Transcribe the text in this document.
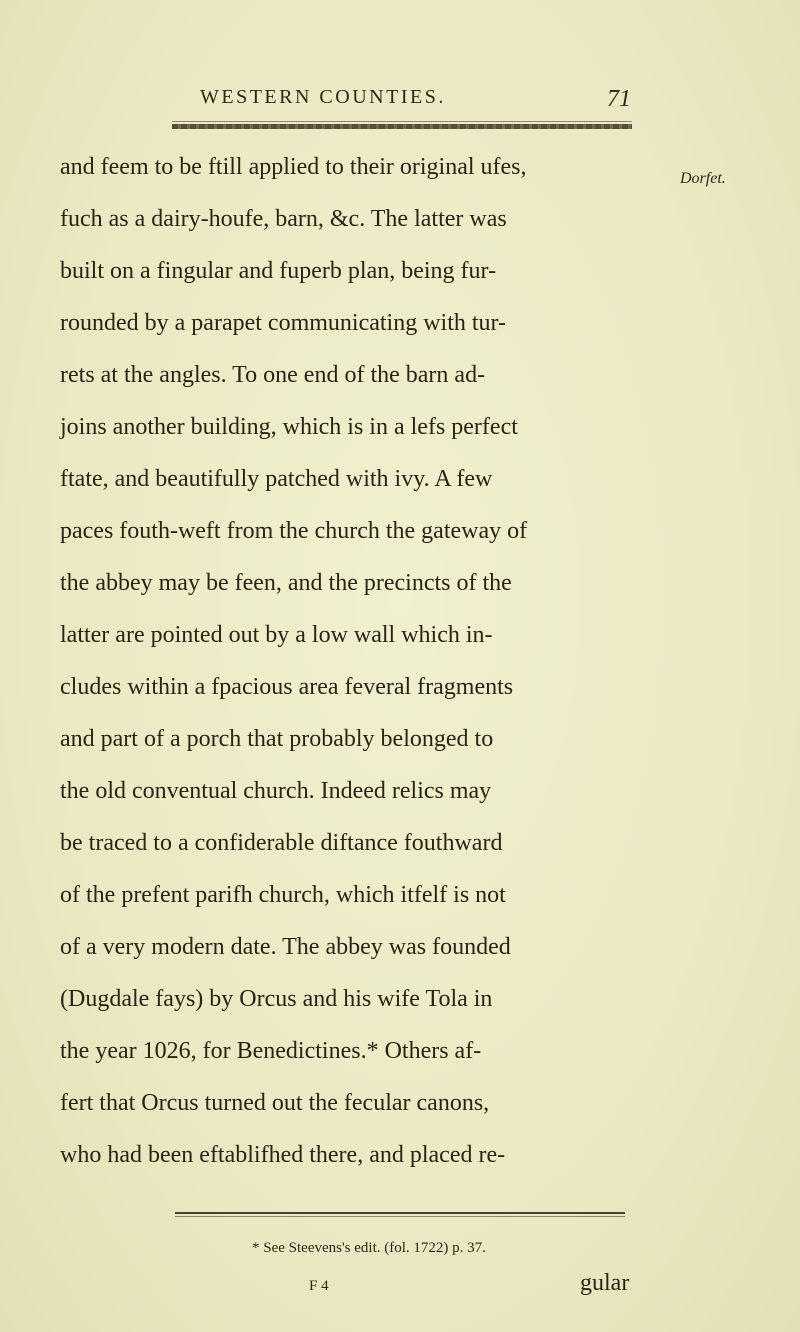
WESTERN COUNTIES.	71
Dorfet.
and feem to be ftill applied to their original ufes,
fuch as a dairy-houfe, barn, &c. The latter was
built on a fingular and fuperb plan, being fur-
rounded by a parapet communicating with tur-
rets at the angles. To one end of the barn ad-
joins another building, which is in a lefs perfect
ftate, and beautifully patched with ivy. A few
paces fouth-weft from the church the gateway of
the abbey may be feen, and the precincts of the
latter are pointed out by a low wall which in-
cludes within a fpacious area feveral fragments
and part of a porch that probably belonged to
the old conventual church. Indeed relics may
be traced to a confiderable diftance fouthward
of the prefent parifh church, which itfelf is not
of a very modern date. The abbey was founded
(Dugdale fays) by Orcus and his wife Tola in
the year 1026, for Benedictines.* Others af-
fert that Orcus turned out the fecular canons,
who had been eftablifhed there, and placed re-
* See Steevens's edit. (fol. 1722) p. 37.
F 4	gular
